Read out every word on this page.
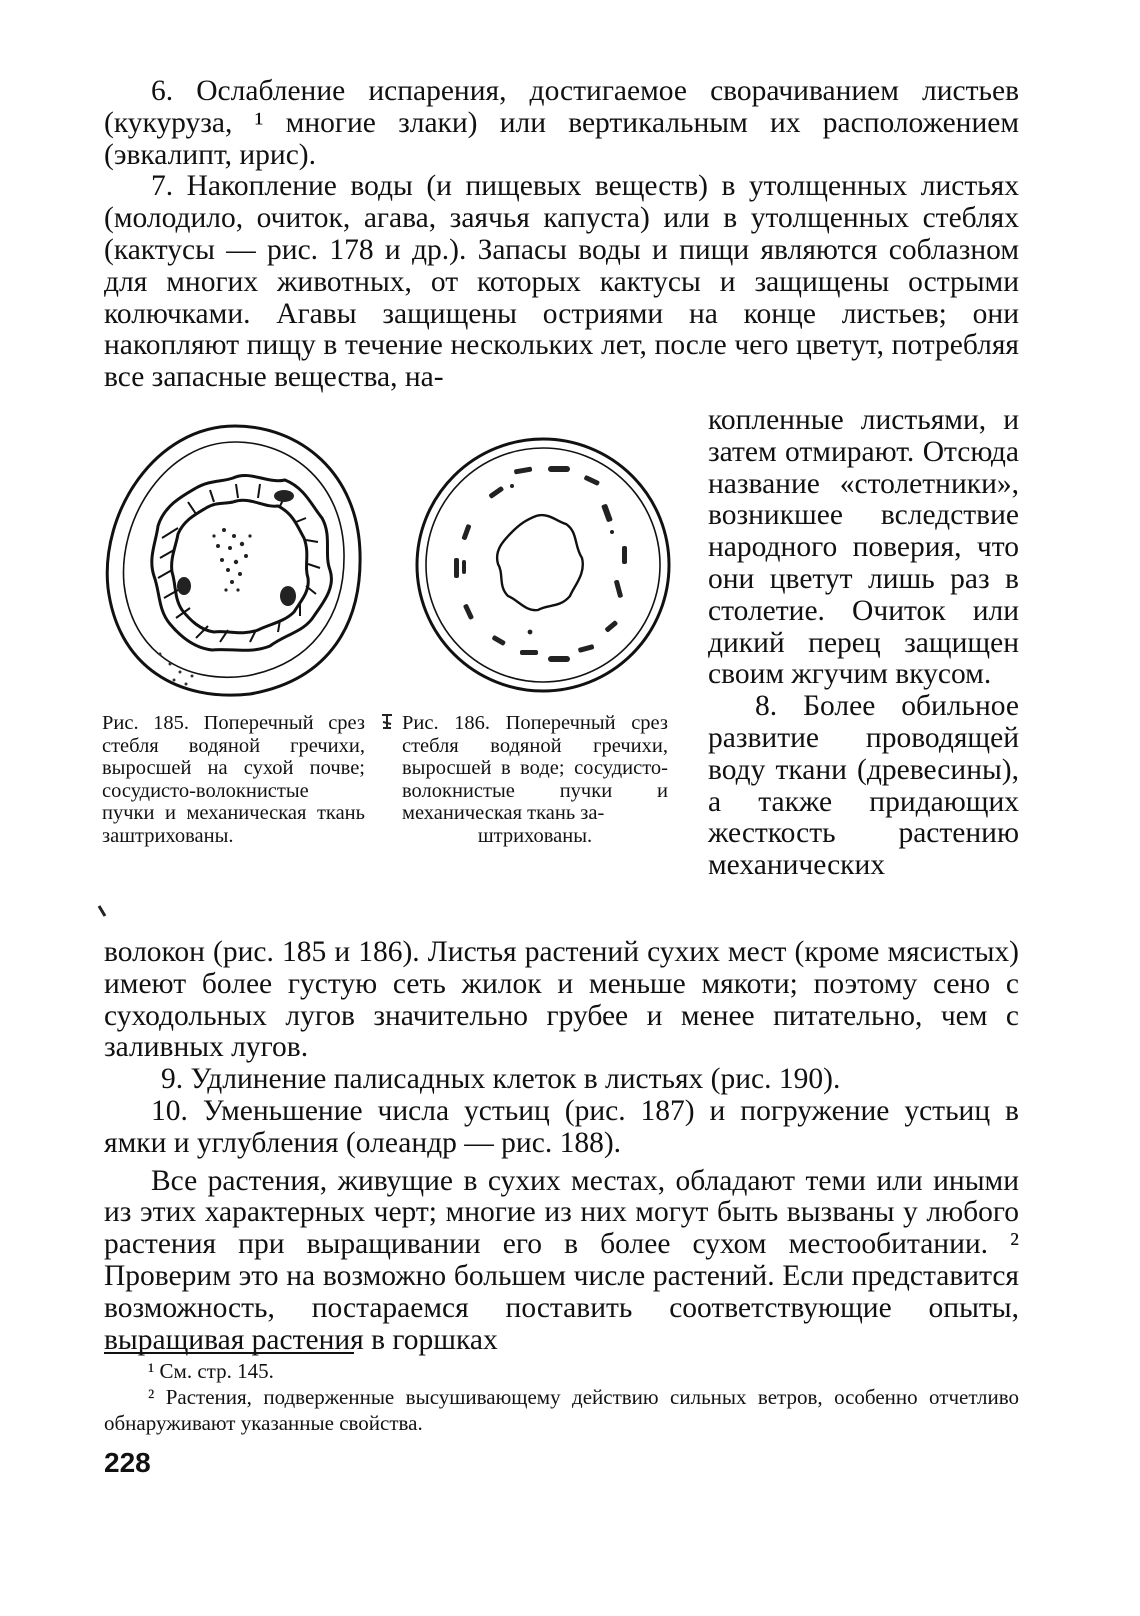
6. Ослабление испарения, достигаемое сворачиванием листьев (кукуруза, ¹ многие злаки) или вертикальным их расположением (эвкалипт, ирис).

7. Накопление воды (и пищевых веществ) в утолщенных листьях (молодило, очиток, агава, заячья капуста) или в утолщенных стеблях (кактусы — рис. 178 и др.). Запасы воды и пищи являются соблазном для многих животных, от которых кактусы и защищены острыми колючками. Агавы защищены остриями на конце листьев; они накопляют пищу в течение нескольких лет, после чего цветут, потребляя все запасные вещества, на-

Рис. 185. Поперечный срез стебля водяной гречихи, выросшей на сухой почве; сосудисто-волокнистые пучки и механическая ткань заштрихованы.

Рис. 186. Поперечный срез стебля водяной гречихи, выросшей в воде; сосудисто-волокнистые пучки и механическая ткань за-
штрихованы.

копленные листьями, и затем отмирают. Отсюда название «столетники», возникшее вследствие народного поверия, что они цветут лишь раз в столетие. Очиток или дикий перец защищен своим жгучим вкусом.

8. Более обильное развитие проводящей воду ткани (древесины), а также придающих жесткость растению механических

волокон (рис. 185 и 186). Листья растений сухих мест (кроме мясистых) имеют более густую сеть жилок и меньше мякоти; поэтому сено с суходольных лугов значительно грубее и менее питательно, чем с заливных лугов.

9. Удлинение палисадных клеток в листьях (рис. 190).

10. Уменьшение числа устьиц (рис. 187) и погружение устьиц в ямки и углубления (олеандр — рис. 188).

Все растения, живущие в сухих местах, обладают теми или иными из этих характерных черт; многие из них могут быть вызваны у любого растения при выращивании его в более сухом местообитании. ² Проверим это на возможно большем числе растений. Если представится возможность, постараемся поставить соответствующие опыты, выращивая растения в горшках

¹ См. стр. 145.

² Растения, подверженные высушивающему действию сильных ветров, особенно отчетливо обнаруживают указанные свойства.

228
